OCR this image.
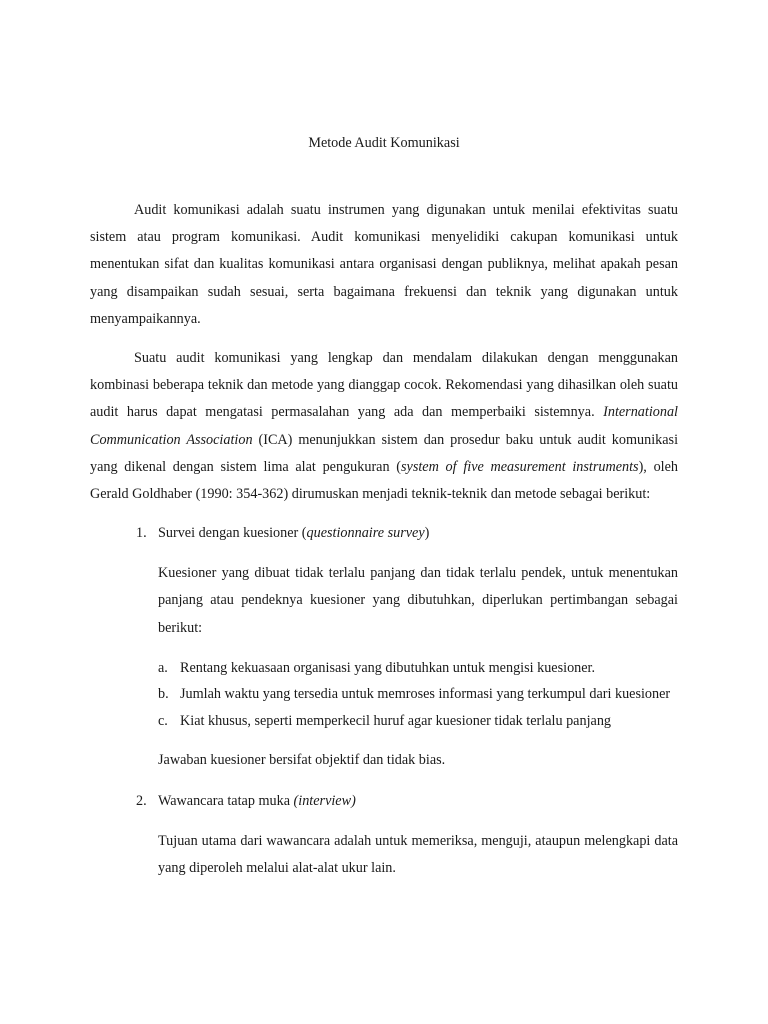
Metode Audit Komunikasi

Audit komunikasi adalah suatu instrumen yang digunakan untuk menilai efektivitas suatu sistem atau program komunikasi. Audit komunikasi menyelidiki cakupan komunikasi untuk menentukan sifat dan kualitas komunikasi antara organisasi dengan publiknya, melihat apakah pesan yang disampaikan sudah sesuai, serta bagaimana frekuensi dan teknik yang digunakan untuk menyampaikannya.

Suatu audit komunikasi yang lengkap dan mendalam dilakukan dengan menggunakan kombinasi beberapa teknik dan metode yang dianggap cocok. Rekomendasi yang dihasilkan oleh suatu audit harus dapat mengatasi permasalahan yang ada dan memperbaiki sistemnya. International Communication Association (ICA) menunjukkan sistem dan prosedur baku untuk audit komunikasi yang dikenal dengan sistem lima alat pengukuran (system of five measurement instruments), oleh Gerald Goldhaber (1990: 354-362) dirumuskan menjadi teknik-teknik dan metode sebagai berikut:

1. Survei dengan kuesioner (questionnaire survey)

Kuesioner yang dibuat tidak terlalu panjang dan tidak terlalu pendek, untuk menentukan panjang atau pendeknya kuesioner yang dibutuhkan, diperlukan pertimbangan sebagai berikut:

a. Rentang kekuasaan organisasi yang dibutuhkan untuk mengisi kuesioner.
b. Jumlah waktu yang tersedia untuk memroses informasi yang terkumpul dari kuesioner
c. Kiat khusus, seperti memperkecil huruf agar kuesioner tidak terlalu panjang

Jawaban kuesioner bersifat objektif dan tidak bias.

2. Wawancara tatap muka (interview)

Tujuan utama dari wawancara adalah untuk memeriksa, menguji, ataupun melengkapi data yang diperoleh melalui alat-alat ukur lain.
